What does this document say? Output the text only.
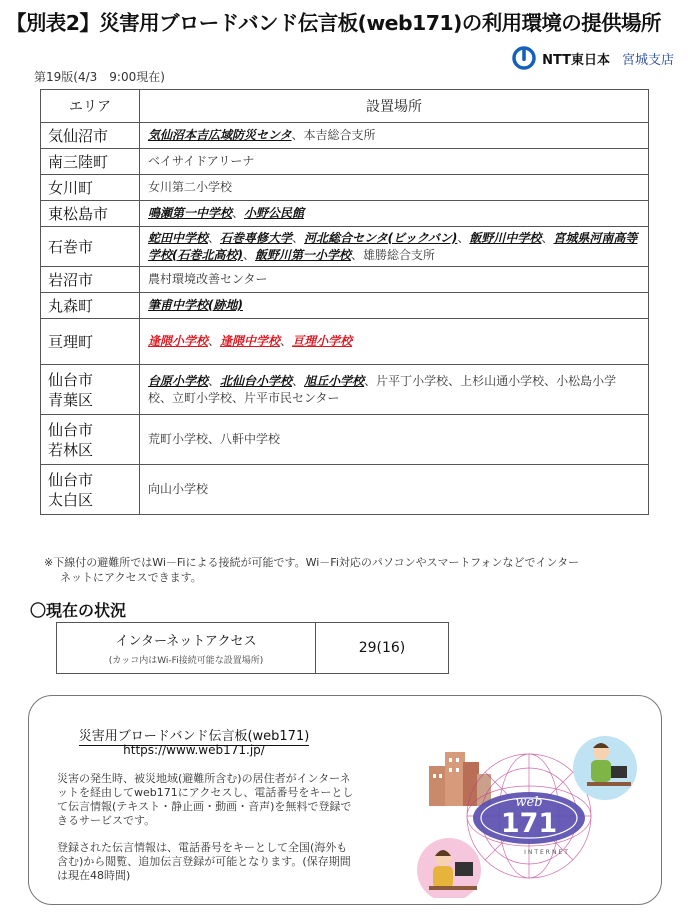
【別表2】災害用ブロードバンド伝言板(web171)の利用環境の提供場所
第19版(4/3　9:00現在)
NTT東日本 宮城支店
エリア	設置場所
気仙沼市	気仙沼本吉広域防災センタ、本吉総合支所
南三陸町	ベイサイドアリーナ
女川町	女川第二小学校
東松島市	鳴瀬第一中学校、小野公民館
石巻市	蛇田中学校、石巻専修大学、河北総合センタ(ビックバン)、飯野川中学校、宮城県河南高等学校(石巻北高校)、飯野川第一小学校、雄勝総合支所
岩沼市	農村環境改善センター
丸森町	筆甫中学校(跡地)
亘理町	逢隈小学校、逢隈中学校、亘理小学校

仙台市
青葉区	台原小学校、北仙台小学校、旭丘小学校、片平丁小学校、上杉山通小学校、小松島小学校、立町小学校、片平市民センター

仙台市
若林区	荒町小学校、八軒中学校

仙台市
太白区	向山小学校
※下線付の避難所ではWi－Fiによる接続が可能です。Wi－Fi対応のパソコンやスマートフォンなどでインター
ネットにアクセスできます。
〇現在の状況
インターネットアクセス
(カッコ内はWi-Fi接続可能な設置場所)
	29(16)
災害用ブロードバンド伝言板(web171)
https://www.web171.jp/
災害の発生時、被災地域(避難所含む)の居住者がインターネットを経由してweb171にアクセスし、電話番号をキーとして伝言情報(テキスト・静止画・動画・音声)を無料で登録できるサービスです。
登録された伝言情報は、電話番号をキーとして全国(海外も含む)から閲覧、追加伝言登録が可能となります。(保存期間は現在48時間)
web
171
INTERNET
